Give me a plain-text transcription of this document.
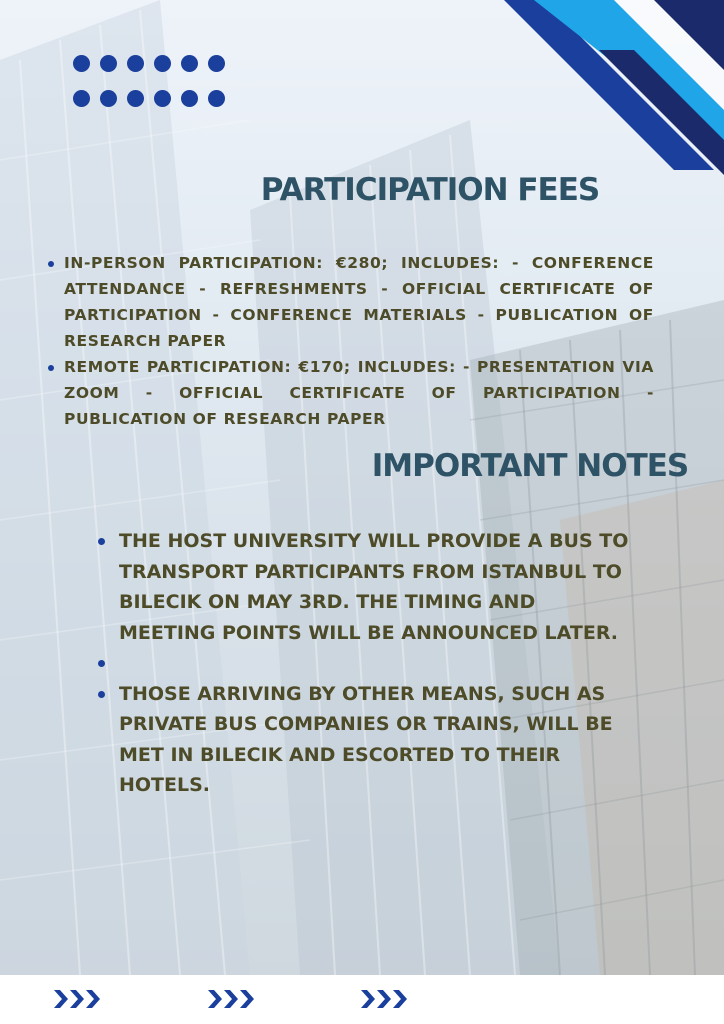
PARTICIPATION FEES
IN-PERSON PARTICIPATION: €280; INCLUDES: - CONFERENCE ATTENDANCE - REFRESHMENTS - OFFICIAL CERTIFICATE OF PARTICIPATION - CONFERENCE MATERIALS - PUBLICATION OF RESEARCH PAPER
REMOTE PARTICIPATION: €170; INCLUDES: - PRESENTATION VIA ZOOM - OFFICIAL CERTIFICATE OF PARTICIPATION - PUBLICATION OF RESEARCH PAPER
IMPORTANT NOTES
THE HOST UNIVERSITY WILL PROVIDE A BUS TO TRANSPORT PARTICIPANTS FROM ISTANBUL TO BILECIK ON MAY 3RD. THE TIMING AND MEETING POINTS WILL BE ANNOUNCED LATER.
THOSE ARRIVING BY OTHER MEANS, SUCH AS PRIVATE BUS COMPANIES OR TRAINS, WILL BE MET IN BILECIK AND ESCORTED TO THEIR HOTELS.
